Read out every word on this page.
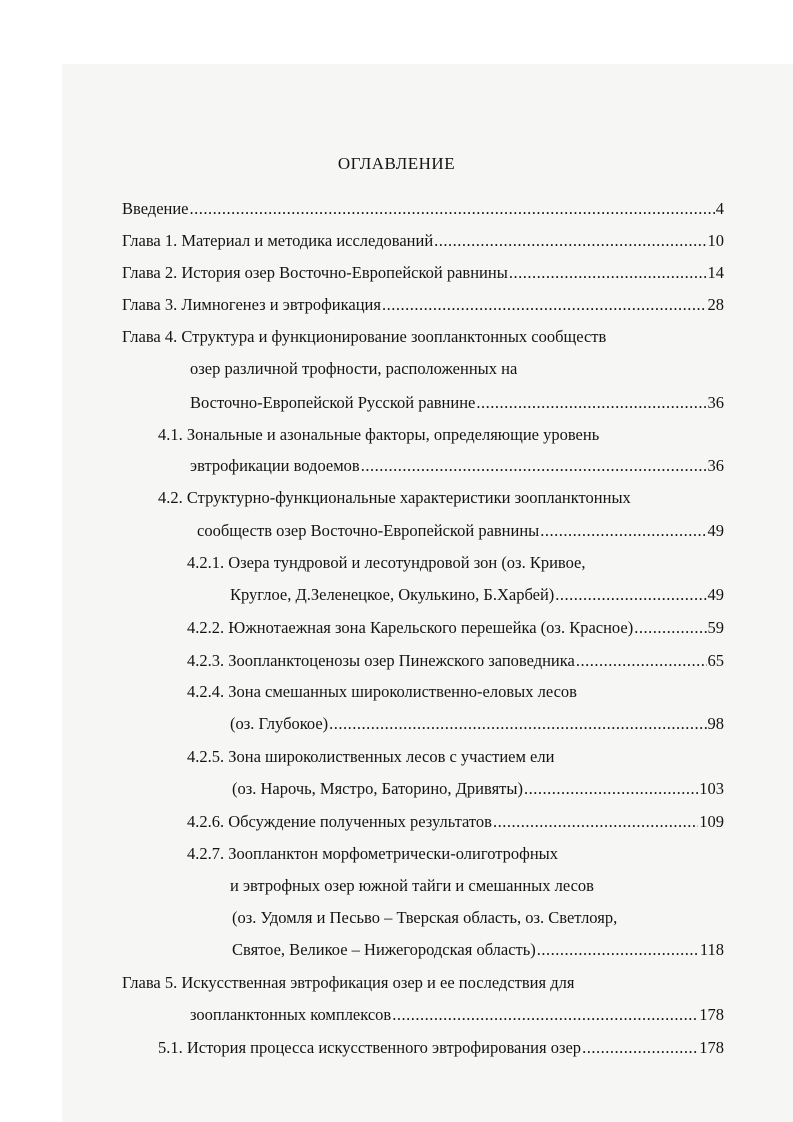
ОГЛАВЛЕНИЕ
Введение .....	4
Глава 1. Материал и методика исследований .....	10
Глава 2. История озер Восточно-Европейской равнины .....	14
Глава 3. Лимногенез и эвтрофикация .....	28
Глава 4. Структура и функционирование зоопланктонных сообществ
озер различной трофности, расположенных на
Восточно-Европейской Русской равнине .....	36
4.1. Зональные и азональные факторы, определяющие уровень
эвтрофикации водоемов .....	36
4.2. Структурно-функциональные характеристики зоопланктонных
сообществ озер Восточно-Европейской равнины .....	49
4.2.1. Озера тундровой и лесотундровой зон (оз. Кривое,
Круглое, Д.Зеленецкое, Окулькино, Б.Харбей) .....	49
4.2.2. Южнотаежная зона Карельского перешейка (оз. Красное) .....	59
4.2.3. Зоопланктоценозы озер Пинежского заповедника .....	65
4.2.4. Зона смешанных широколиственно-еловых лесов
(оз. Глубокое) .....	98
4.2.5. Зона широколиственных лесов с участием ели
(оз. Нарочь, Мястро, Баторино, Дривяты) .....	103
4.2.6. Обсуждение полученных результатов .....	109
4.2.7. Зоопланктон морфометрически-олиготрофных
и эвтрофных озер южной тайги и смешанных лесов
(оз. Удомля и Песьво – Тверская область, оз. Светлояр,
Святое, Великое – Нижегородская область) .....	118
Глава 5. Искусственная эвтрофикация озер и ее последствия для
зоопланктонных комплексов .....	178
5.1. История процесса искусственного эвтрофирования озер .....	178
